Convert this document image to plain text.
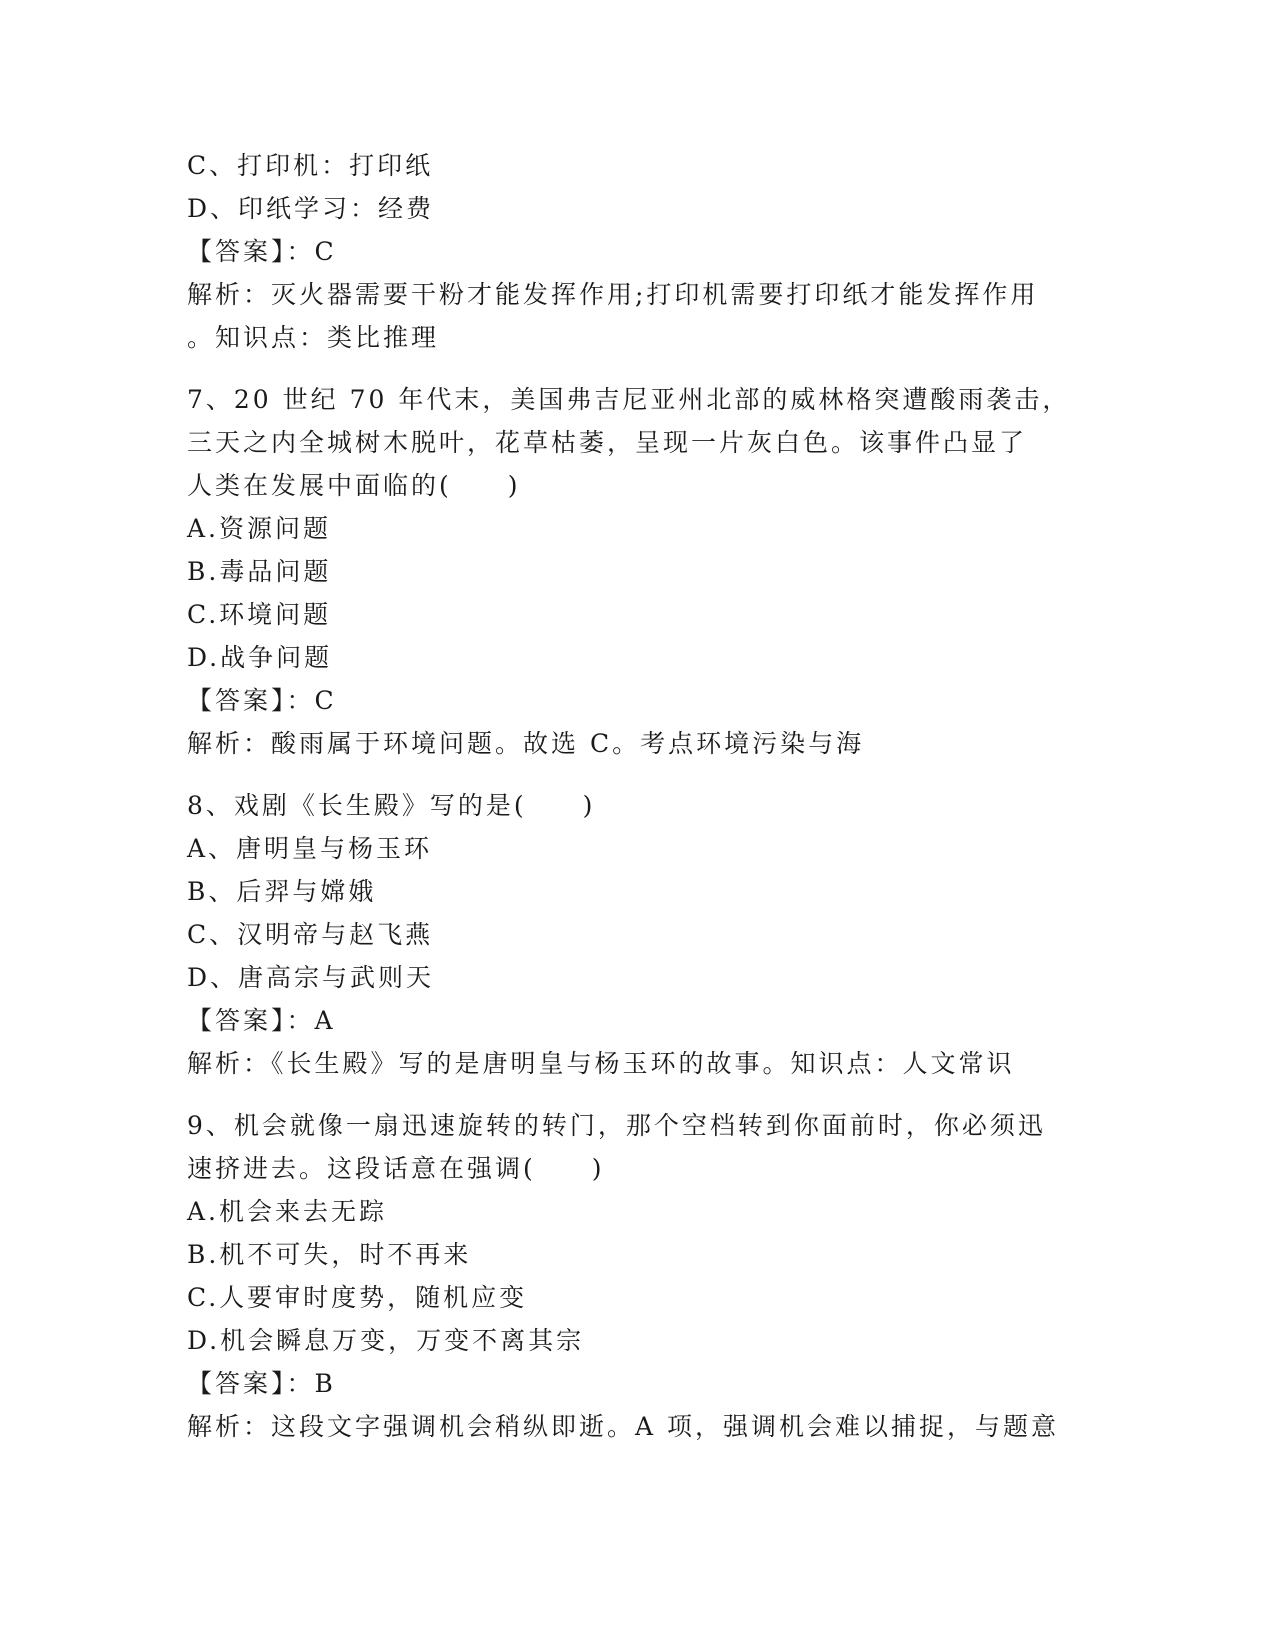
C、打印机：打印纸
D、印纸学习：经费
【答案】：C
解析：灭火器需要干粉才能发挥作用;打印机需要打印纸才能发挥作用
。知识点：类比推理
7、20 世纪 70 年代末，美国弗吉尼亚州北部的威林格突遭酸雨袭击，
三天之内全城树木脱叶，花草枯萎，呈现一片灰白色。该事件凸显了
人类在发展中面临的(　　)
A.资源问题
B.毒品问题
C.环境问题
D.战争问题
【答案】：C
解析：酸雨属于环境问题。故选 C。考点环境污染与海
8、戏剧《长生殿》写的是(　　)
A、唐明皇与杨玉环
B、后羿与嫦娥
C、汉明帝与赵飞燕
D、唐高宗与武则天
【答案】：A
解析：《长生殿》写的是唐明皇与杨玉环的故事。知识点：人文常识
9、机会就像一扇迅速旋转的转门，那个空档转到你面前时，你必须迅
速挤进去。这段话意在强调(　　)
A.机会来去无踪
B.机不可失，时不再来
C.人要审时度势，随机应变
D.机会瞬息万变，万变不离其宗
【答案】：B
解析：这段文字强调机会稍纵即逝。A 项，强调机会难以捕捉，与题意
